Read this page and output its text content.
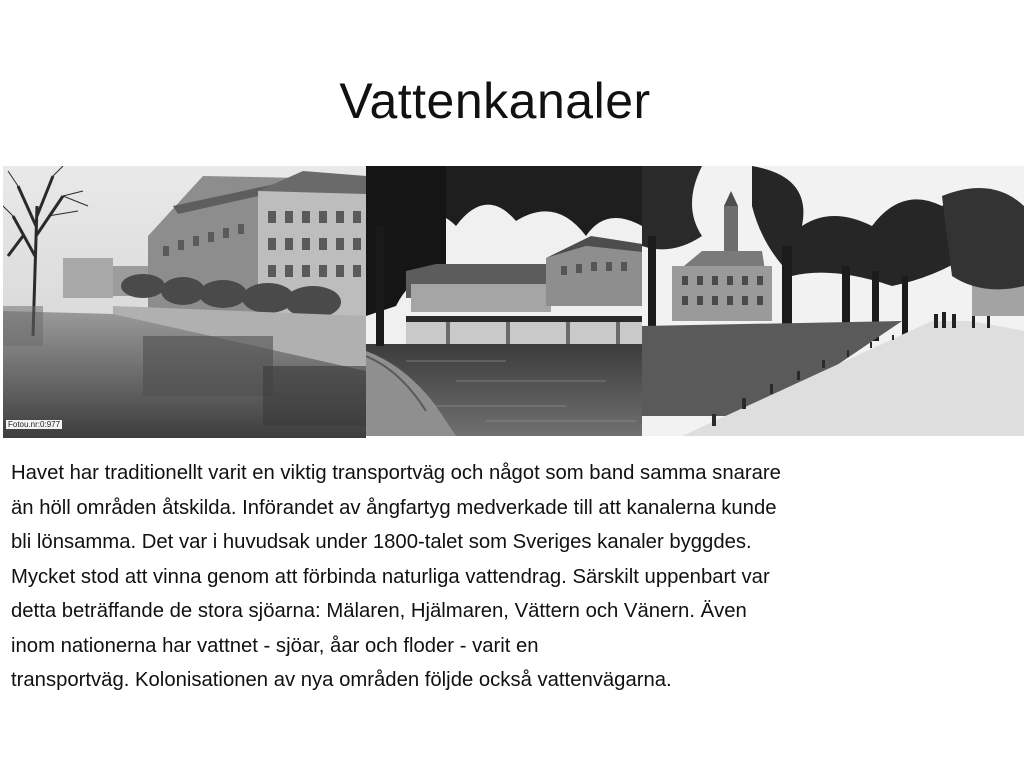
Vattenkanaler
Fotou.nr:0:977
Havet har traditionellt varit en viktig transportväg och något som band samma snarare
än höll områden åtskilda. Införandet av ångfartyg medverkade till att kanalerna kunde
bli lönsamma. Det var i huvudsak under 1800-talet som Sveriges kanaler byggdes.
Mycket stod att vinna genom att förbinda naturliga vattendrag. Särskilt uppenbart var
detta beträffande de stora sjöarna: Mälaren, Hjälmaren, Vättern och Vänern. Även
inom nationerna har vattnet - sjöar, åar och floder - varit en
transportväg. Kolonisationen av nya områden följde också vattenvägarna.
